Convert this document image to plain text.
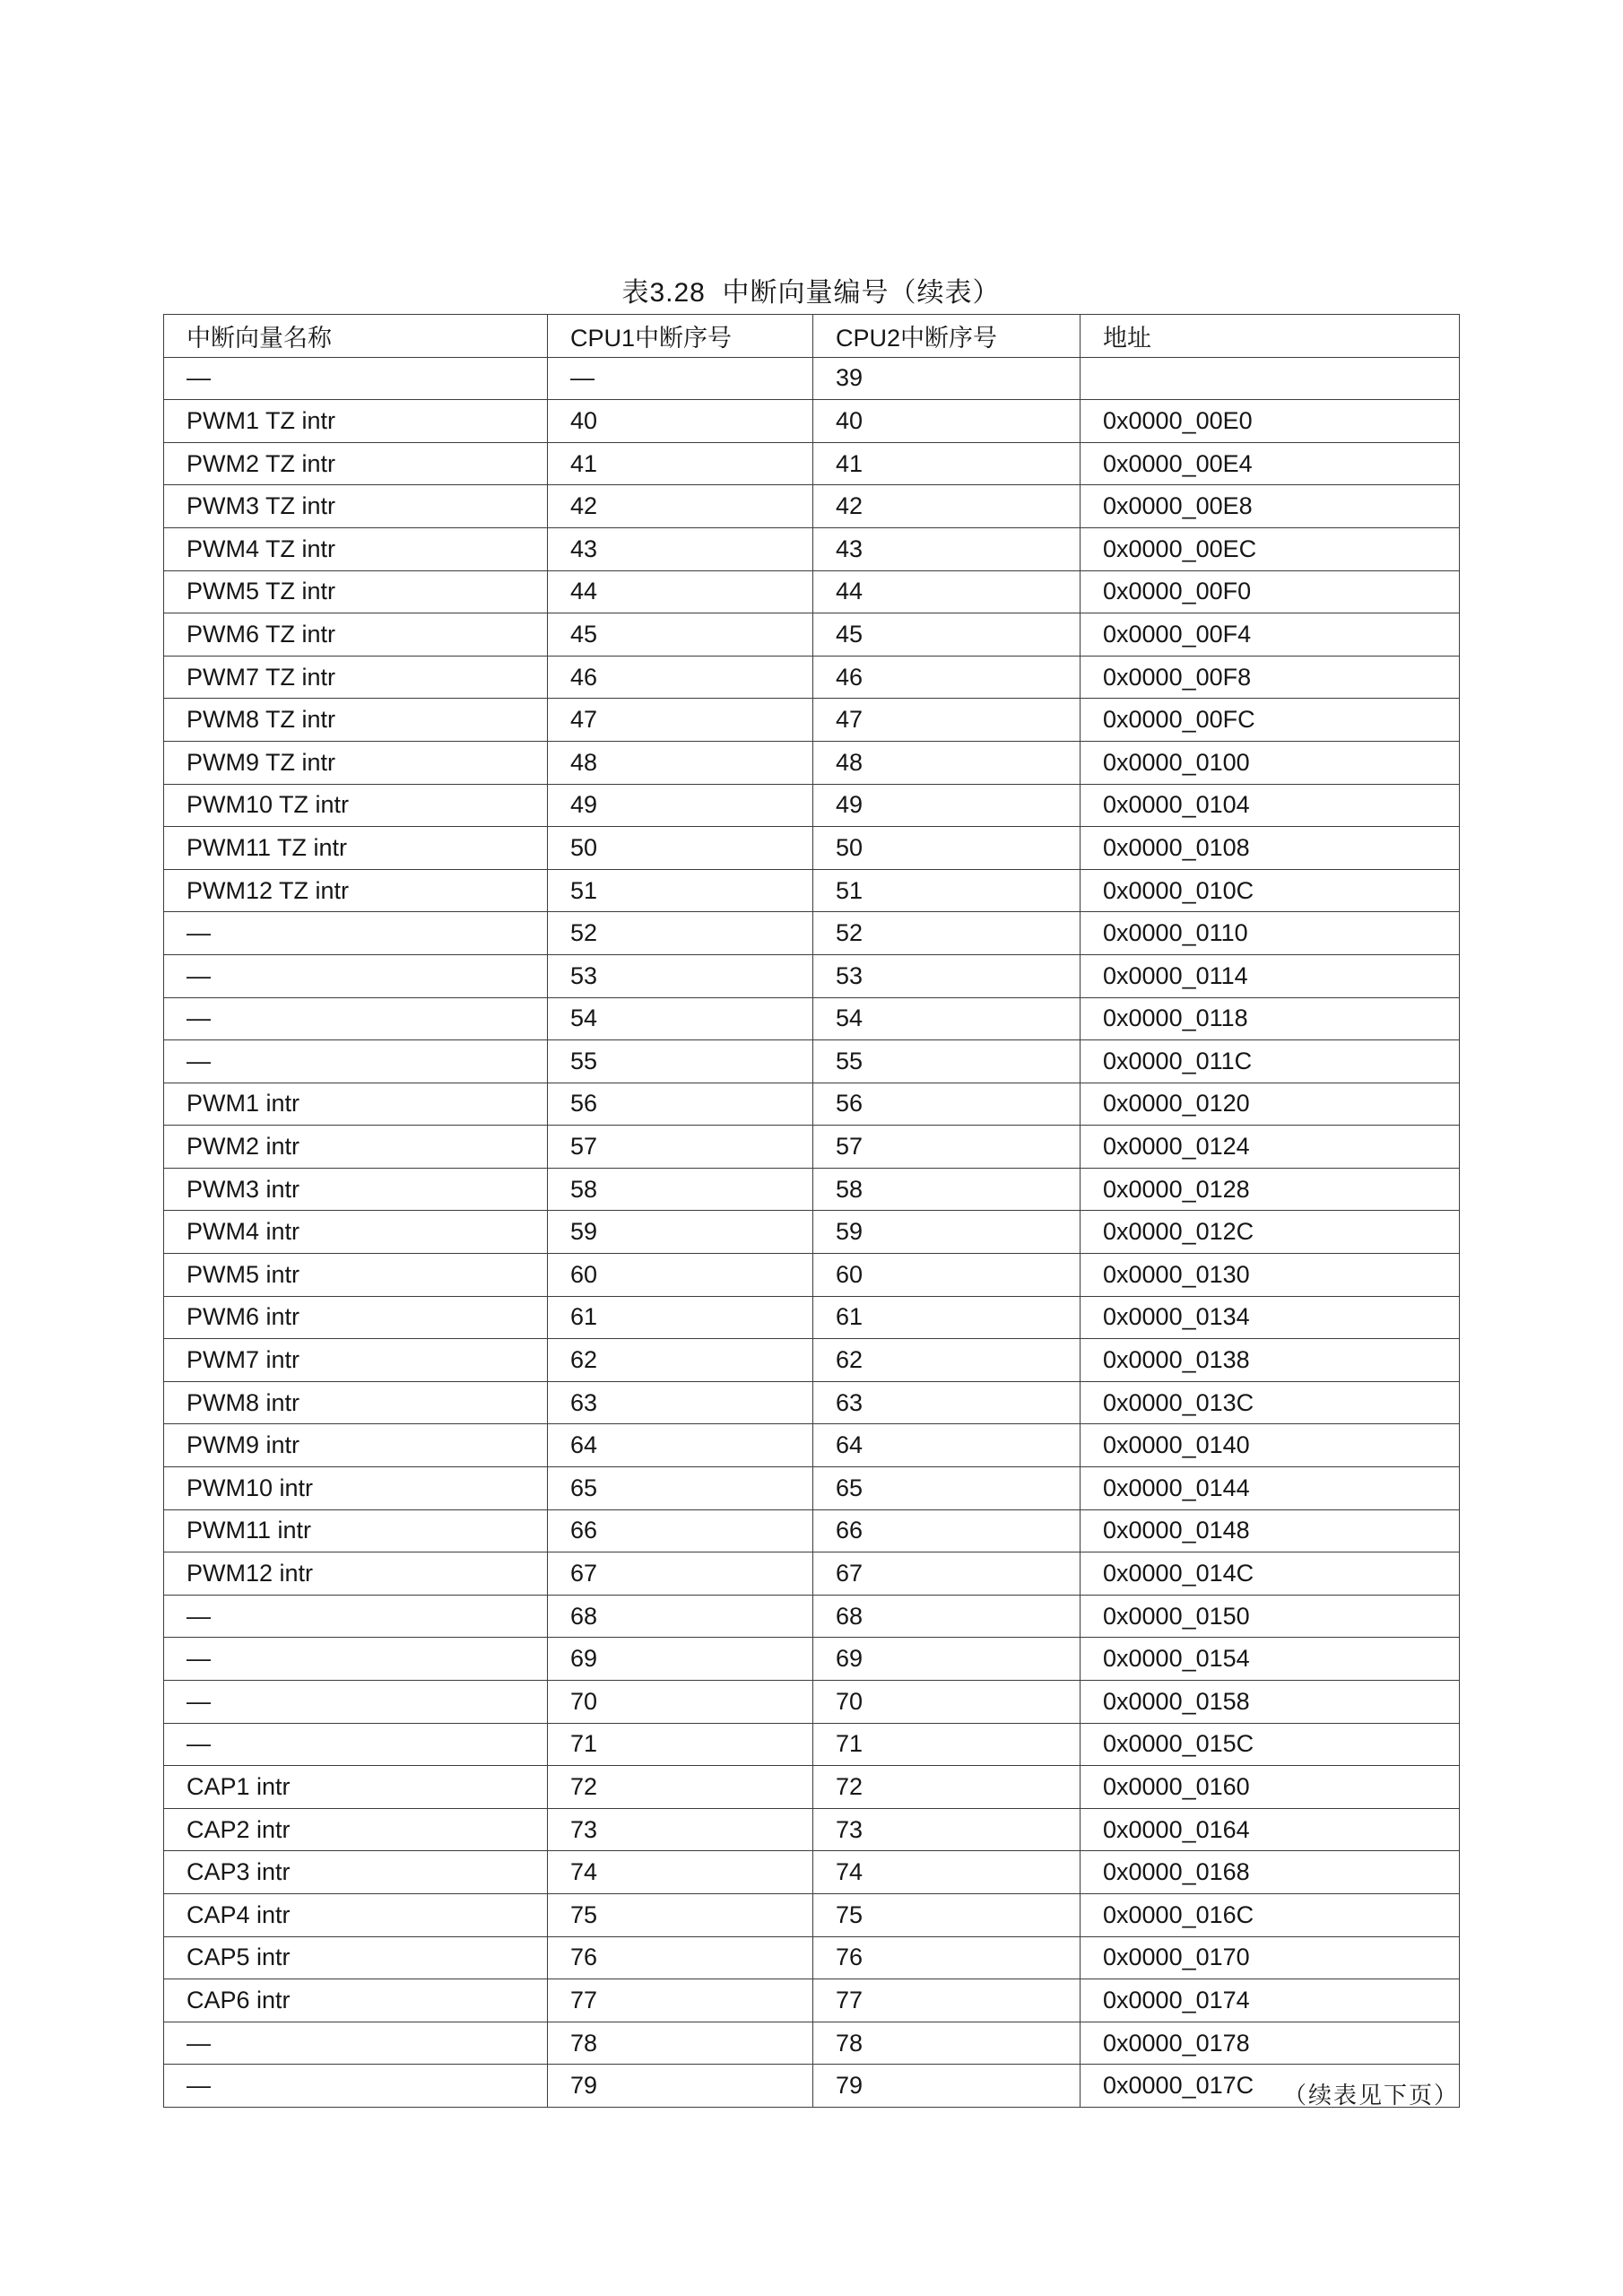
表3.28  中断向量编号（续表）
中断向量名称	CPU1中断序号	CPU2中断序号	地址
—	—	39	
PWM1 TZ intr	40	40	0x0000_00E0
PWM2 TZ intr	41	41	0x0000_00E4
PWM3 TZ intr	42	42	0x0000_00E8
PWM4 TZ intr	43	43	0x0000_00EC
PWM5 TZ intr	44	44	0x0000_00F0
PWM6 TZ intr	45	45	0x0000_00F4
PWM7 TZ intr	46	46	0x0000_00F8
PWM8 TZ intr	47	47	0x0000_00FC
PWM9 TZ intr	48	48	0x0000_0100
PWM10 TZ intr	49	49	0x0000_0104
PWM11 TZ intr	50	50	0x0000_0108
PWM12 TZ intr	51	51	0x0000_010C
—	52	52	0x0000_0110
—	53	53	0x0000_0114
—	54	54	0x0000_0118
—	55	55	0x0000_011C
PWM1 intr	56	56	0x0000_0120
PWM2 intr	57	57	0x0000_0124
PWM3 intr	58	58	0x0000_0128
PWM4 intr	59	59	0x0000_012C
PWM5 intr	60	60	0x0000_0130
PWM6 intr	61	61	0x0000_0134
PWM7 intr	62	62	0x0000_0138
PWM8 intr	63	63	0x0000_013C
PWM9 intr	64	64	0x0000_0140
PWM10 intr	65	65	0x0000_0144
PWM11 intr	66	66	0x0000_0148
PWM12 intr	67	67	0x0000_014C
—	68	68	0x0000_0150
—	69	69	0x0000_0154
—	70	70	0x0000_0158
—	71	71	0x0000_015C
CAP1 intr	72	72	0x0000_0160
CAP2 intr	73	73	0x0000_0164
CAP3 intr	74	74	0x0000_0168
CAP4 intr	75	75	0x0000_016C
CAP5 intr	76	76	0x0000_0170
CAP6 intr	77	77	0x0000_0174
—	78	78	0x0000_0178
—	79	79	0x0000_017C	（续表见下页）
